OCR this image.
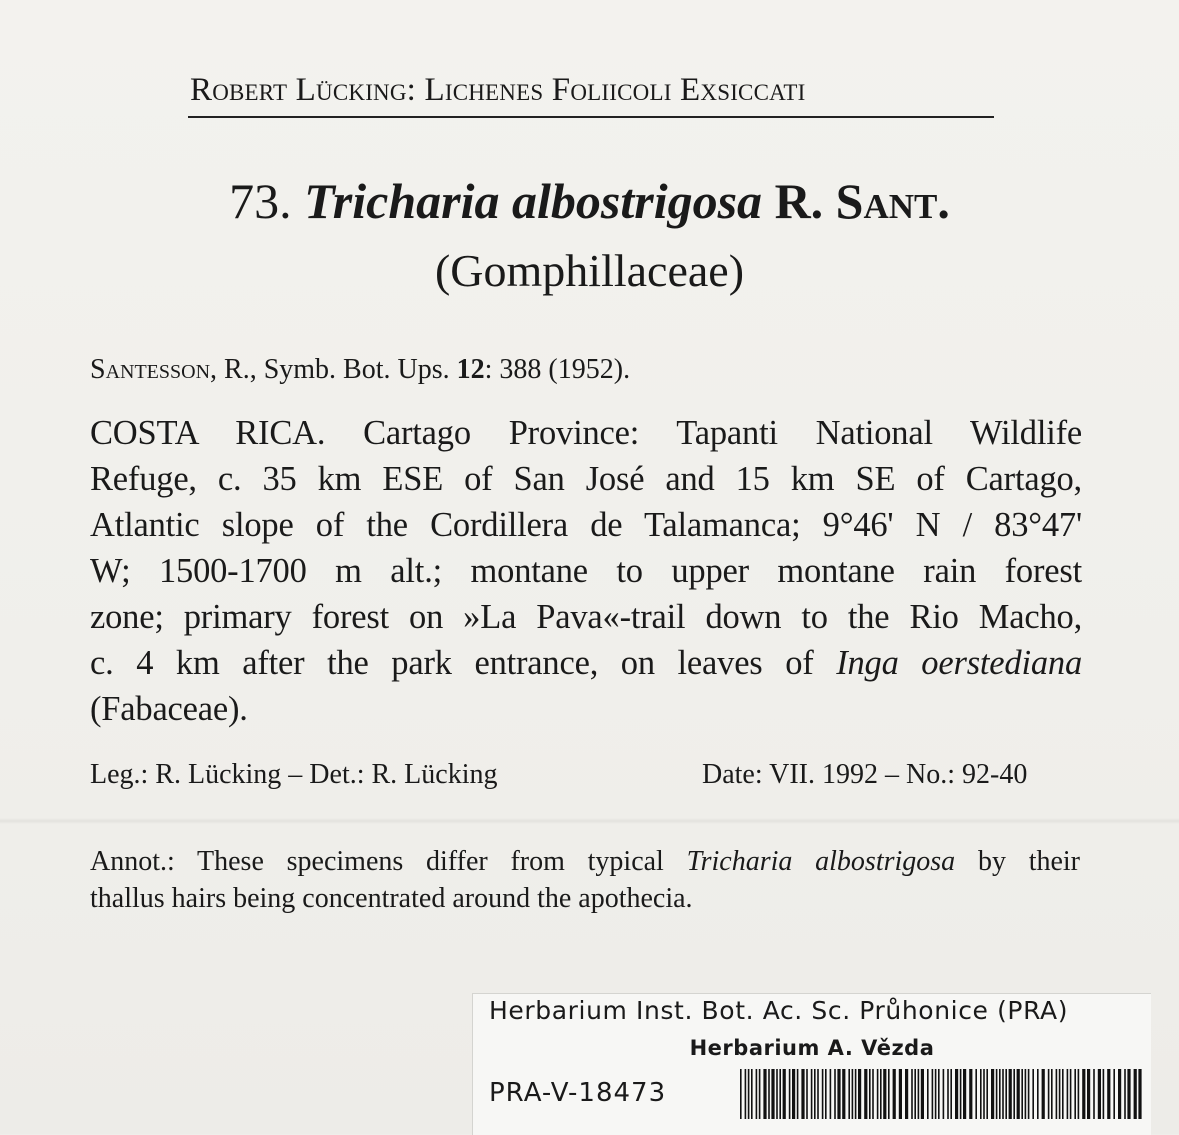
Robert Lücking: Lichenes Foliicoli Exsiccati
73. Tricharia albostrigosa R. Sant.
(Gomphillaceae)
Santesson, R., Symb. Bot. Ups. 12: 388 (1952).

COSTA RICA. Cartago Province: Tapanti National Wildlife

Refuge, c. 35 km ESE of San José and 15 km SE of Cartago,

Atlantic slope of the Cordillera de Talamanca; 9°46' N / 83°47'

W; 1500-1700 m alt.; montane to upper montane rain forest

zone; primary forest on »La Pava«-trail down to the Rio Macho,

c. 4 km after the park entrance, on leaves of Inga oerstediana

(Fabaceae).

Leg.: R. Lücking – Det.: R. Lücking	Date: VII. 1992 – No.: 92-40

Annot.: These specimens differ from typical Tricharia albostrigosa by their

thallus hairs being concentrated around the apothecia.

Herbarium Inst. Bot. Ac. Sc. Průhonice (PRA)
Herbarium A. Vězda
PRA-V-18473
